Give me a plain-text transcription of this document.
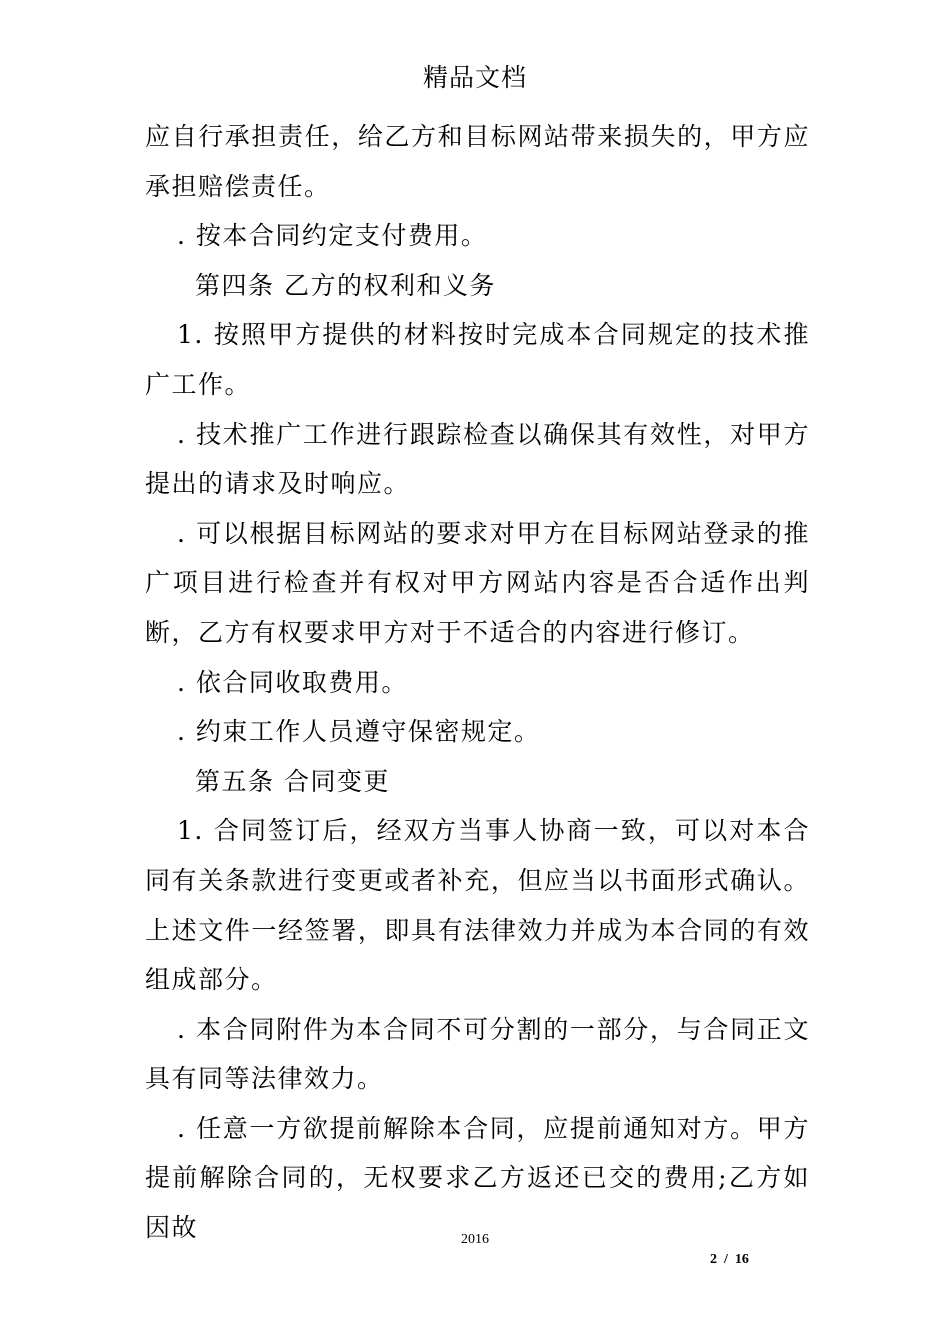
精品文档

应自行承担责任，给乙方和目标网站带来损失的，甲方应承担赔偿责任。

. 按本合同约定支付费用。

第四条 乙方的权利和义务

1. 按照甲方提供的材料按时完成本合同规定的技术推广工作。

. 技术推广工作进行跟踪检查以确保其有效性，对甲方提出的请求及时响应。

. 可以根据目标网站的要求对甲方在目标网站登录的推广项目进行检查并有权对甲方网站内容是否合适作出判断，乙方有权要求甲方对于不适合的内容进行修订。

. 依合同收取费用。

. 约束工作人员遵守保密规定。

第五条 合同变更

1. 合同签订后，经双方当事人协商一致，可以对本合同有关条款进行变更或者补充，但应当以书面形式确认。上述文件一经签署，即具有法律效力并成为本合同的有效组成部分。

. 本合同附件为本合同不可分割的一部分，与合同正文具有同等法律效力。

. 任意一方欲提前解除本合同，应提前通知对方。甲方提前解除合同的，无权要求乙方返还已交的费用;乙方如因故	2016
2 / 16
